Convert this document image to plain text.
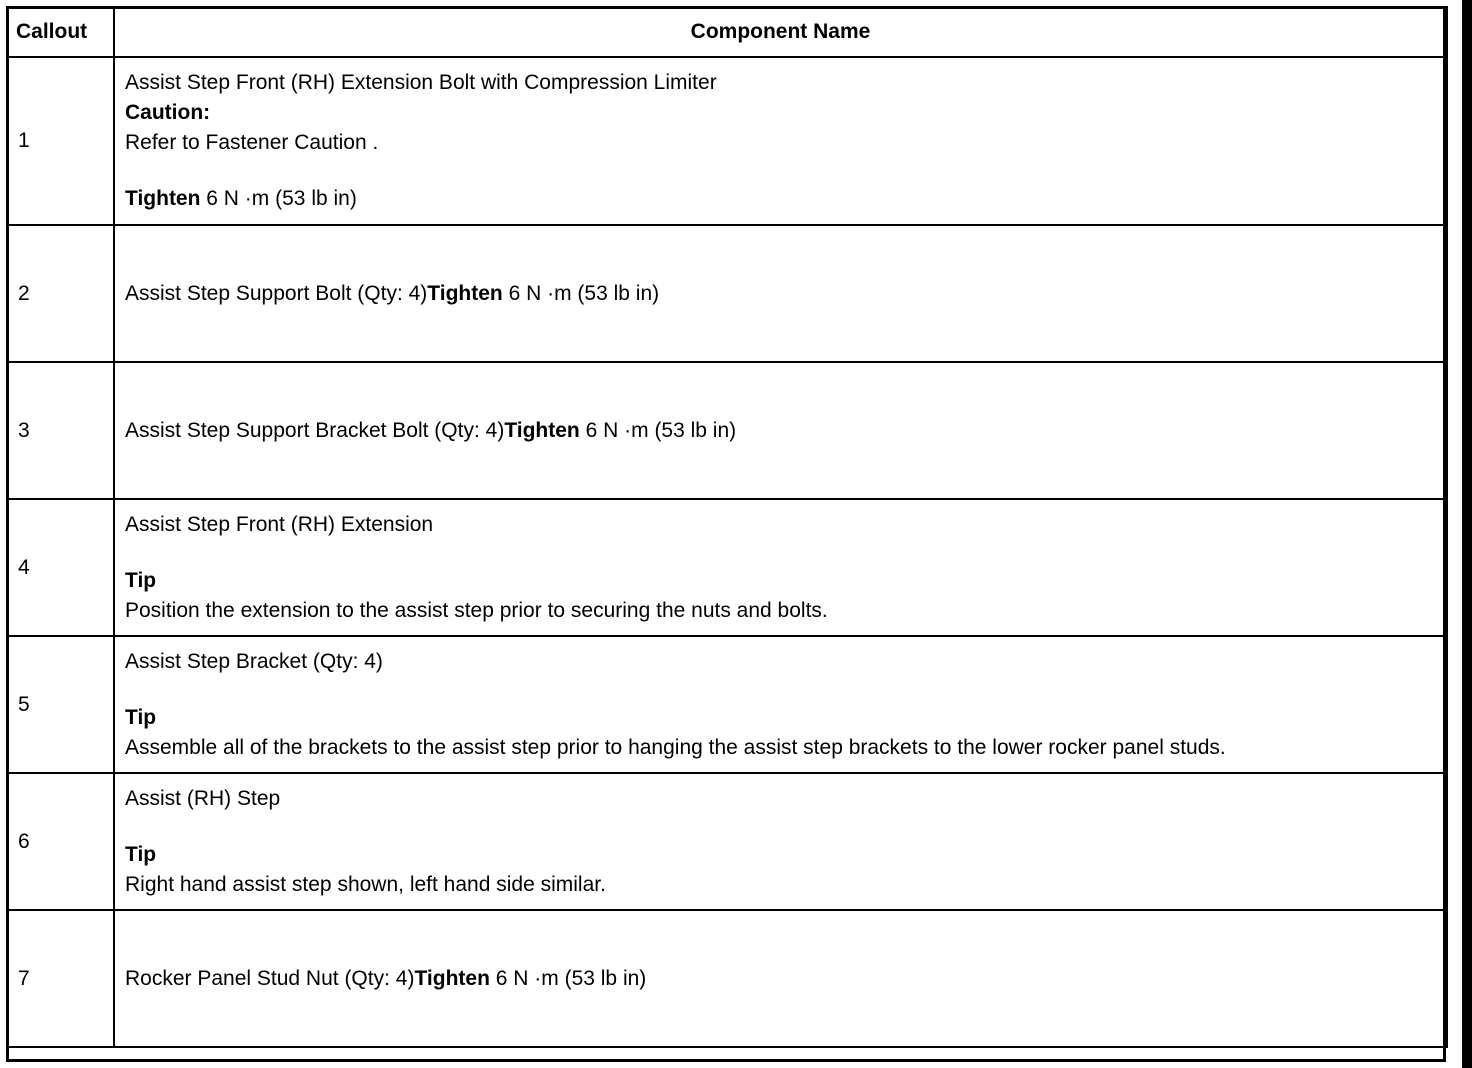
Callout	Component Name
1	Assist Step Front (RH) Extension Bolt with Compression Limiter
Caution:
Refer to Fastener Caution .
Tighten 6 N ·m (53 lb in)

2	Assist Step Support Bolt (Qty: 4)Tighten 6 N ·m (53 lb in)
3	Assist Step Support Bracket Bolt (Qty: 4)Tighten 6 N ·m (53 lb in)
4	Assist Step Front (RH) Extension
Tip
Position the extension to the assist step prior to securing the nuts and bolts.

5	Assist Step Bracket (Qty: 4)
Tip
Assemble all of the brackets to the assist step prior to hanging the assist step brackets to the lower rocker panel studs.

6	Assist (RH) Step
Tip
Right hand assist step shown, left hand side similar.

7	Rocker Panel Stud Nut (Qty: 4)Tighten 6 N ·m (53 lb in)
